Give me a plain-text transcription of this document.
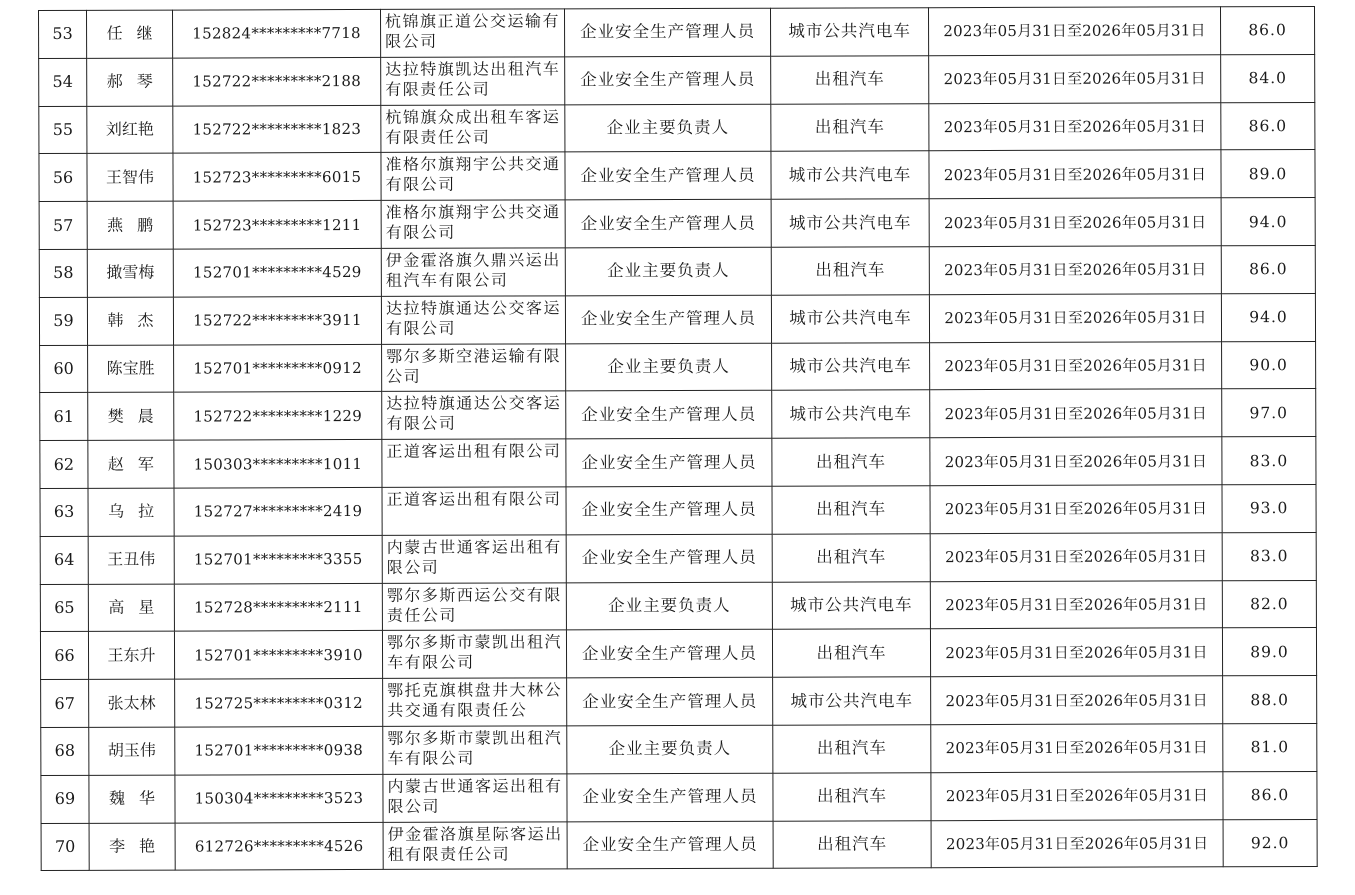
53	任继	152824*********7718	杭锦旗正道公交运输有限公司	企业安全生产管理人员	城市公共汽电车	2023年05月31日至2026年05月31日	86.0
54	郝琴	152722*********2188	达拉特旗凯达出租汽车有限责任公司	企业安全生产管理人员	出租汽车	2023年05月31日至2026年05月31日	84.0
55	刘红艳	152722*********1823	杭锦旗众成出租车客运有限责任公司	企业主要负责人	出租汽车	2023年05月31日至2026年05月31日	86.0
56	王智伟	152723*********6015	准格尔旗翔宇公共交通有限公司	企业安全生产管理人员	城市公共汽电车	2023年05月31日至2026年05月31日	89.0
57	燕鹏	152723*********1211	准格尔旗翔宇公共交通有限公司	企业安全生产管理人员	城市公共汽电车	2023年05月31日至2026年05月31日	94.0
58	撖雪梅	152701*********4529	伊金霍洛旗久鼎兴运出租汽车有限公司	企业主要负责人	出租汽车	2023年05月31日至2026年05月31日	86.0
59	韩杰	152722*********3911	达拉特旗通达公交客运有限公司	企业安全生产管理人员	城市公共汽电车	2023年05月31日至2026年05月31日	94.0
60	陈宝胜	152701*********0912	鄂尔多斯空港运输有限公司	企业主要负责人	城市公共汽电车	2023年05月31日至2026年05月31日	90.0
61	樊晨	152722*********1229	达拉特旗通达公交客运有限公司	企业安全生产管理人员	城市公共汽电车	2023年05月31日至2026年05月31日	97.0
62	赵军	150303*********1011	正道客运出租有限公司	企业安全生产管理人员	出租汽车	2023年05月31日至2026年05月31日	83.0
63	乌拉	152727*********2419	正道客运出租有限公司	企业安全生产管理人员	出租汽车	2023年05月31日至2026年05月31日	93.0
64	王丑伟	152701*********3355	内蒙古世通客运出租有限公司	企业安全生产管理人员	出租汽车	2023年05月31日至2026年05月31日	83.0
65	高星	152728*********2111	鄂尔多斯西运公交有限责任公司	企业主要负责人	城市公共汽电车	2023年05月31日至2026年05月31日	82.0
66	王东升	152701*********3910	鄂尔多斯市蒙凯出租汽车有限公司	企业安全生产管理人员	出租汽车	2023年05月31日至2026年05月31日	89.0
67	张太林	152725*********0312	鄂托克旗棋盘井大林公共交通有限责任公	企业安全生产管理人员	城市公共汽电车	2023年05月31日至2026年05月31日	88.0
68	胡玉伟	152701*********0938	鄂尔多斯市蒙凯出租汽车有限公司	企业主要负责人	出租汽车	2023年05月31日至2026年05月31日	81.0
69	魏华	150304*********3523	内蒙古世通客运出租有限公司	企业安全生产管理人员	出租汽车	2023年05月31日至2026年05月31日	86.0
70	李艳	612726*********4526	伊金霍洛旗星际客运出租有限责任公司	企业安全生产管理人员	出租汽车	2023年05月31日至2026年05月31日	92.0
